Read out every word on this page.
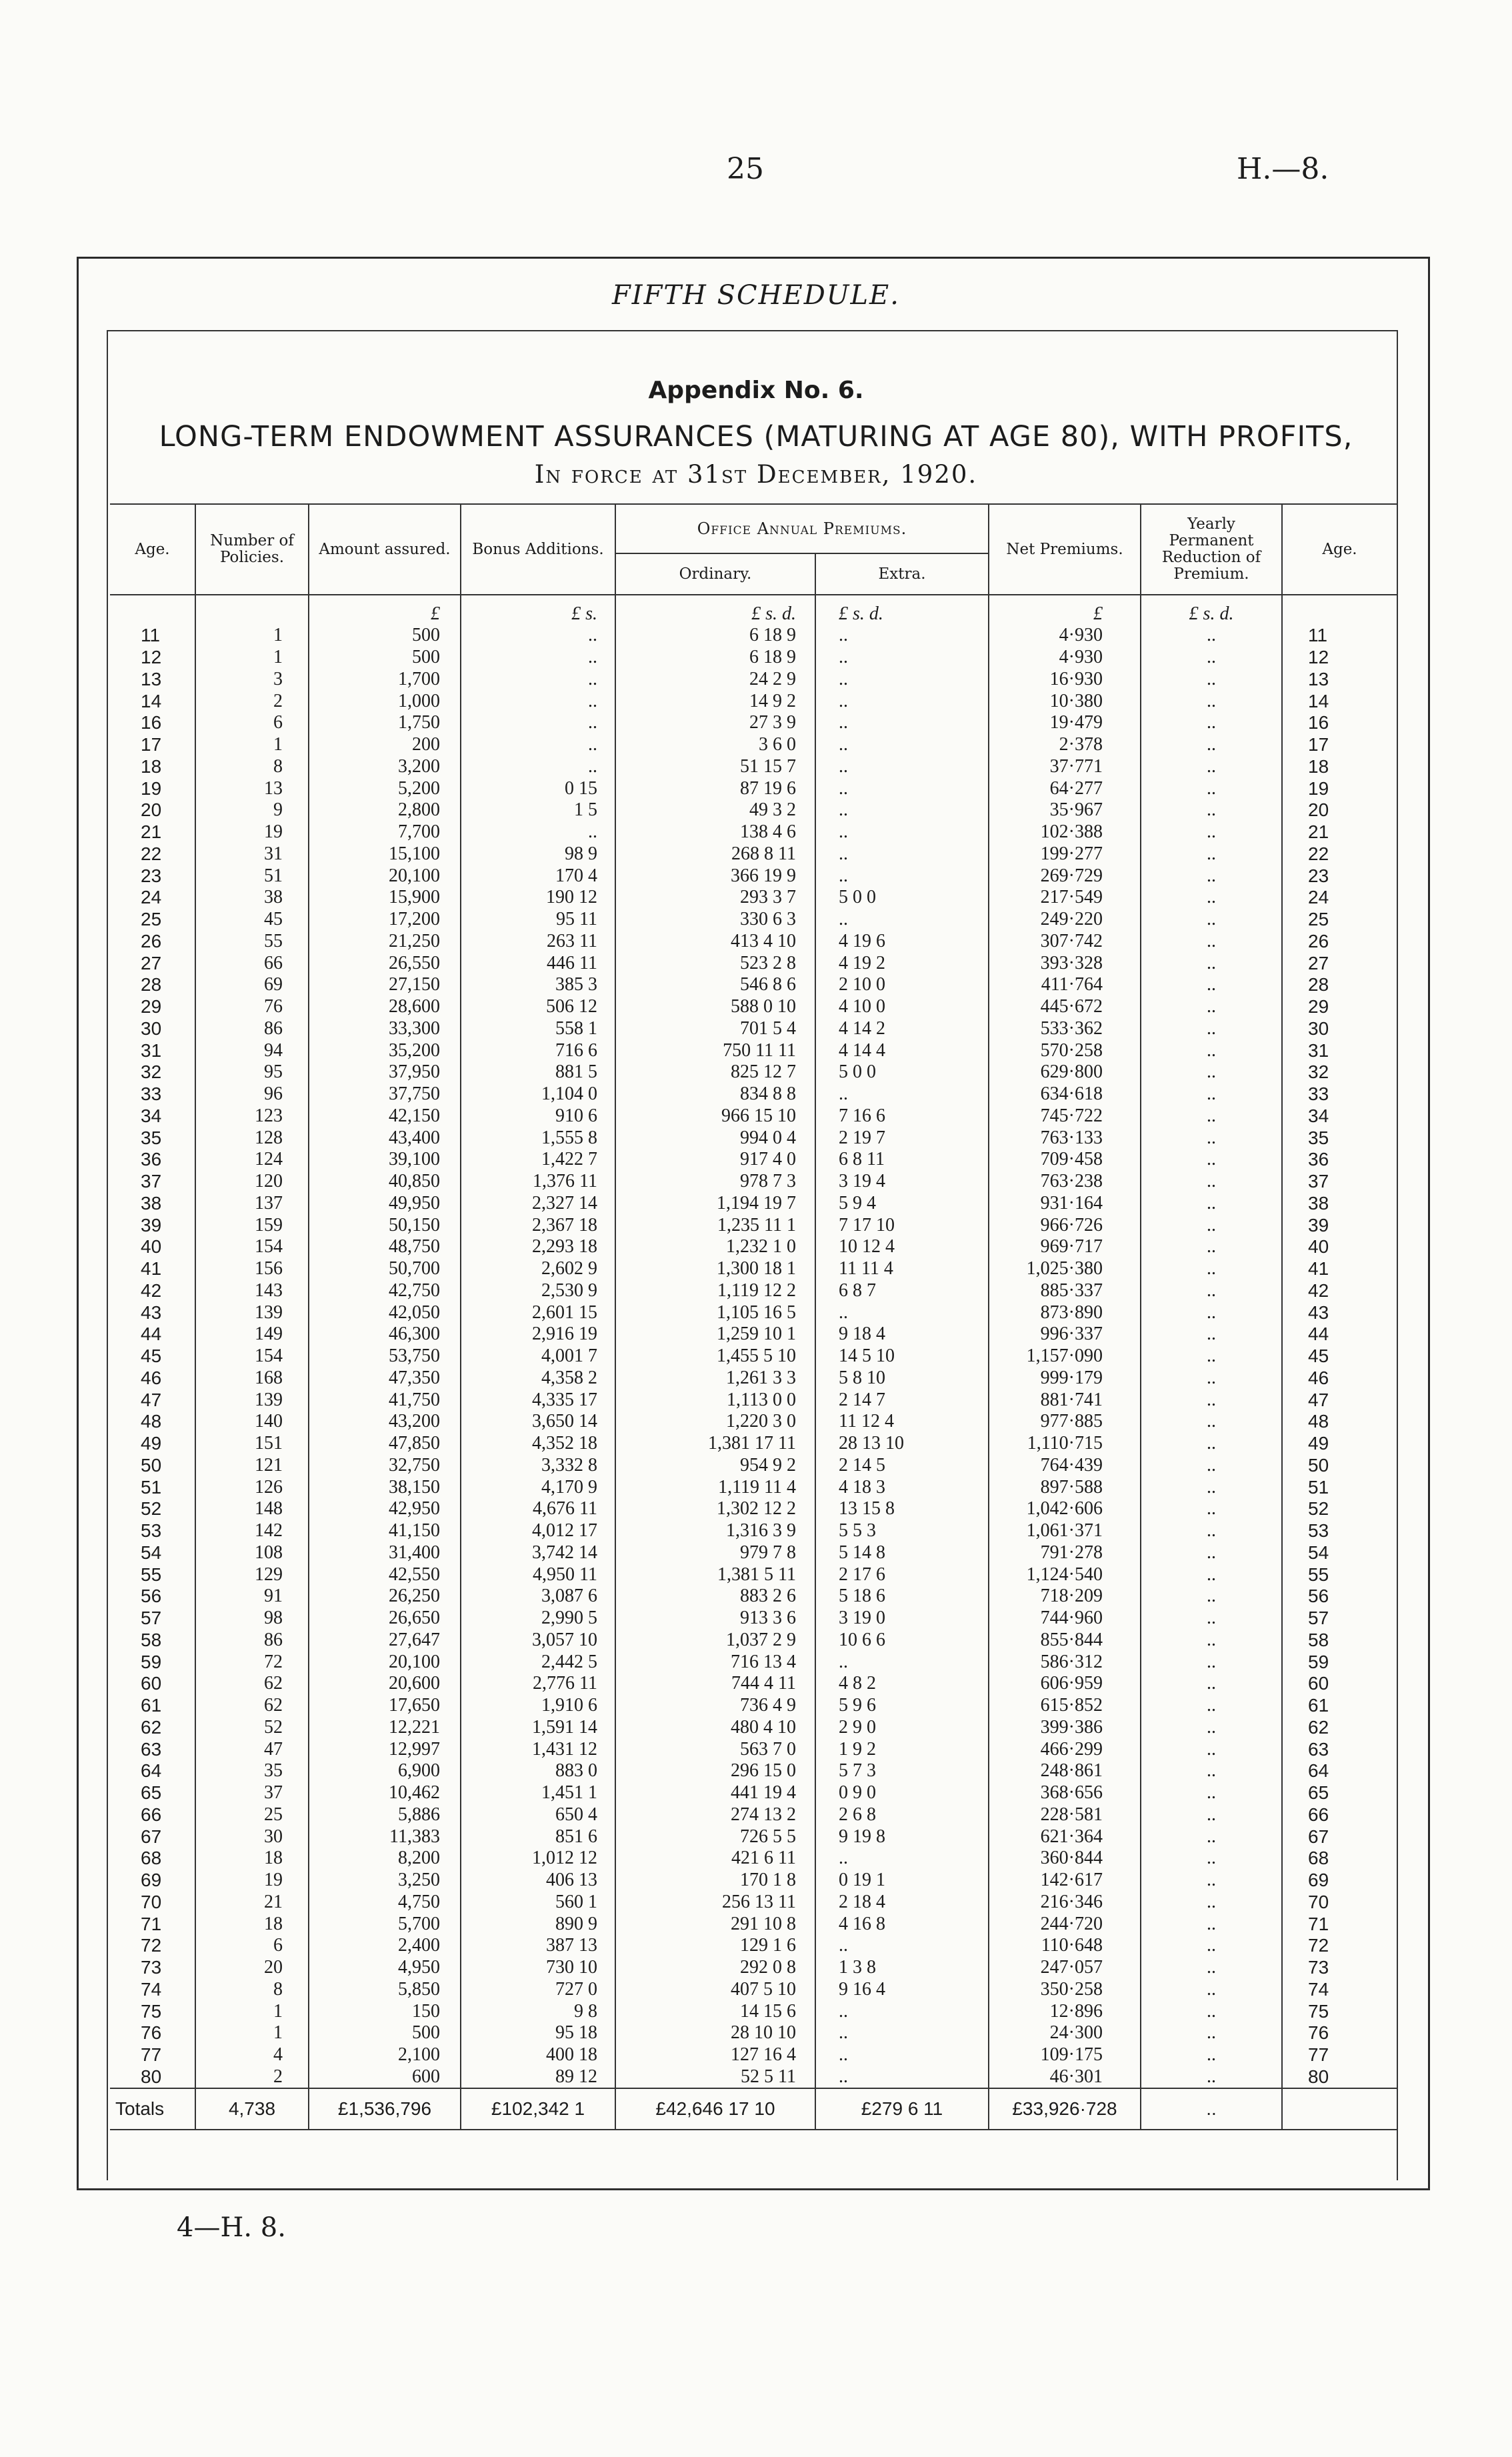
25	H.—8.
FIFTH SCHEDULE.
Appendix No. 6.
LONG-TERM ENDOWMENT ASSURANCES (MATURING AT AGE 80), WITH PROFITS,
In force at 31st December, 1920.
Age.	Number of Policies.	Amount assured.	Bonus Additions.	Office Annual Premiums.		Net Premiums.	Yearly Permanent Reduction of Premium.	Age.
				Ordinary.	Extra.			
		£	£ s.	£ s. d.	£ s. d.	£	£ s. d.	
11	1	500	..	6 18 9	..	4·930	..	11
12	1	500	..	6 18 9	..	4·930	..	12
13	3	1,700	..	24 2 9	..	16·930	..	13
14	2	1,000	..	14 9 2	..	10·380	..	14
16	6	1,750	..	27 3 9	..	19·479	..	16
17	1	200	..	3 6 0	..	2·378	..	17
18	8	3,200	..	51 15 7	..	37·771	..	18
19	13	5,200	0 15	87 19 6	..	64·277	..	19
20	9	2,800	1 5	49 3 2	..	35·967	..	20
21	19	7,700	..	138 4 6	..	102·388	..	21
22	31	15,100	98 9	268 8 11	..	199·277	..	22
23	51	20,100	170 4	366 19 9	..	269·729	..	23
24	38	15,900	190 12	293 3 7	5 0 0	217·549	..	24
25	45	17,200	95 11	330 6 3	..	249·220	..	25
26	55	21,250	263 11	413 4 10	4 19 6	307·742	..	26
27	66	26,550	446 11	523 2 8	4 19 2	393·328	..	27
28	69	27,150	385 3	546 8 6	2 10 0	411·764	..	28
29	76	28,600	506 12	588 0 10	4 10 0	445·672	..	29
30	86	33,300	558 1	701 5 4	4 14 2	533·362	..	30
31	94	35,200	716 6	750 11 11	4 14 4	570·258	..	31
32	95	37,950	881 5	825 12 7	5 0 0	629·800	..	32
33	96	37,750	1,104 0	834 8 8	..	634·618	..	33
34	123	42,150	910 6	966 15 10	7 16 6	745·722	..	34
35	128	43,400	1,555 8	994 0 4	2 19 7	763·133	..	35
36	124	39,100	1,422 7	917 4 0	6 8 11	709·458	..	36
37	120	40,850	1,376 11	978 7 3	3 19 4	763·238	..	37
38	137	49,950	2,327 14	1,194 19 7	5 9 4	931·164	..	38
39	159	50,150	2,367 18	1,235 11 1	7 17 10	966·726	..	39
40	154	48,750	2,293 18	1,232 1 0	10 12 4	969·717	..	40
41	156	50,700	2,602 9	1,300 18 1	11 11 4	1,025·380	..	41
42	143	42,750	2,530 9	1,119 12 2	6 8 7	885·337	..	42
43	139	42,050	2,601 15	1,105 16 5	..	873·890	..	43
44	149	46,300	2,916 19	1,259 10 1	9 18 4	996·337	..	44
45	154	53,750	4,001 7	1,455 5 10	14 5 10	1,157·090	..	45
46	168	47,350	4,358 2	1,261 3 3	5 8 10	999·179	..	46
47	139	41,750	4,335 17	1,113 0 0	2 14 7	881·741	..	47
48	140	43,200	3,650 14	1,220 3 0	11 12 4	977·885	..	48
49	151	47,850	4,352 18	1,381 17 11	28 13 10	1,110·715	..	49
50	121	32,750	3,332 8	954 9 2	2 14 5	764·439	..	50
51	126	38,150	4,170 9	1,119 11 4	4 18 3	897·588	..	51
52	148	42,950	4,676 11	1,302 12 2	13 15 8	1,042·606	..	52
53	142	41,150	4,012 17	1,316 3 9	5 5 3	1,061·371	..	53
54	108	31,400	3,742 14	979 7 8	5 14 8	791·278	..	54
55	129	42,550	4,950 11	1,381 5 11	2 17 6	1,124·540	..	55
56	91	26,250	3,087 6	883 2 6	5 18 6	718·209	..	56
57	98	26,650	2,990 5	913 3 6	3 19 0	744·960	..	57
58	86	27,647	3,057 10	1,037 2 9	10 6 6	855·844	..	58
59	72	20,100	2,442 5	716 13 4	..	586·312	..	59
60	62	20,600	2,776 11	744 4 11	4 8 2	606·959	..	60
61	62	17,650	1,910 6	736 4 9	5 9 6	615·852	..	61
62	52	12,221	1,591 14	480 4 10	2 9 0	399·386	..	62
63	47	12,997	1,431 12	563 7 0	1 9 2	466·299	..	63
64	35	6,900	883 0	296 15 0	5 7 3	248·861	..	64
65	37	10,462	1,451 1	441 19 4	0 9 0	368·656	..	65
66	25	5,886	650 4	274 13 2	2 6 8	228·581	..	66
67	30	11,383	851 6	726 5 5	9 19 8	621·364	..	67
68	18	8,200	1,012 12	421 6 11	..	360·844	..	68
69	19	3,250	406 13	170 1 8	0 19 1	142·617	..	69
70	21	4,750	560 1	256 13 11	2 18 4	216·346	..	70
71	18	5,700	890 9	291 10 8	4 16 8	244·720	..	71
72	6	2,400	387 13	129 1 6	..	110·648	..	72
73	20	4,950	730 10	292 0 8	1 3 8	247·057	..	73
74	8	5,850	727 0	407 5 10	9 16 4	350·258	..	74
75	1	150	9 8	14 15 6	..	12·896	..	75
76	1	500	95 18	28 10 10	..	24·300	..	76
77	4	2,100	400 18	127 16 4	..	109·175	..	77
80	2	600	89 12	52 5 11	..	46·301	..	80
Totals	4,738	£1,536,796	£102,342 1	£42,646 17 10	£279 6 11	£33,926·728	..	
4—H. 8.
